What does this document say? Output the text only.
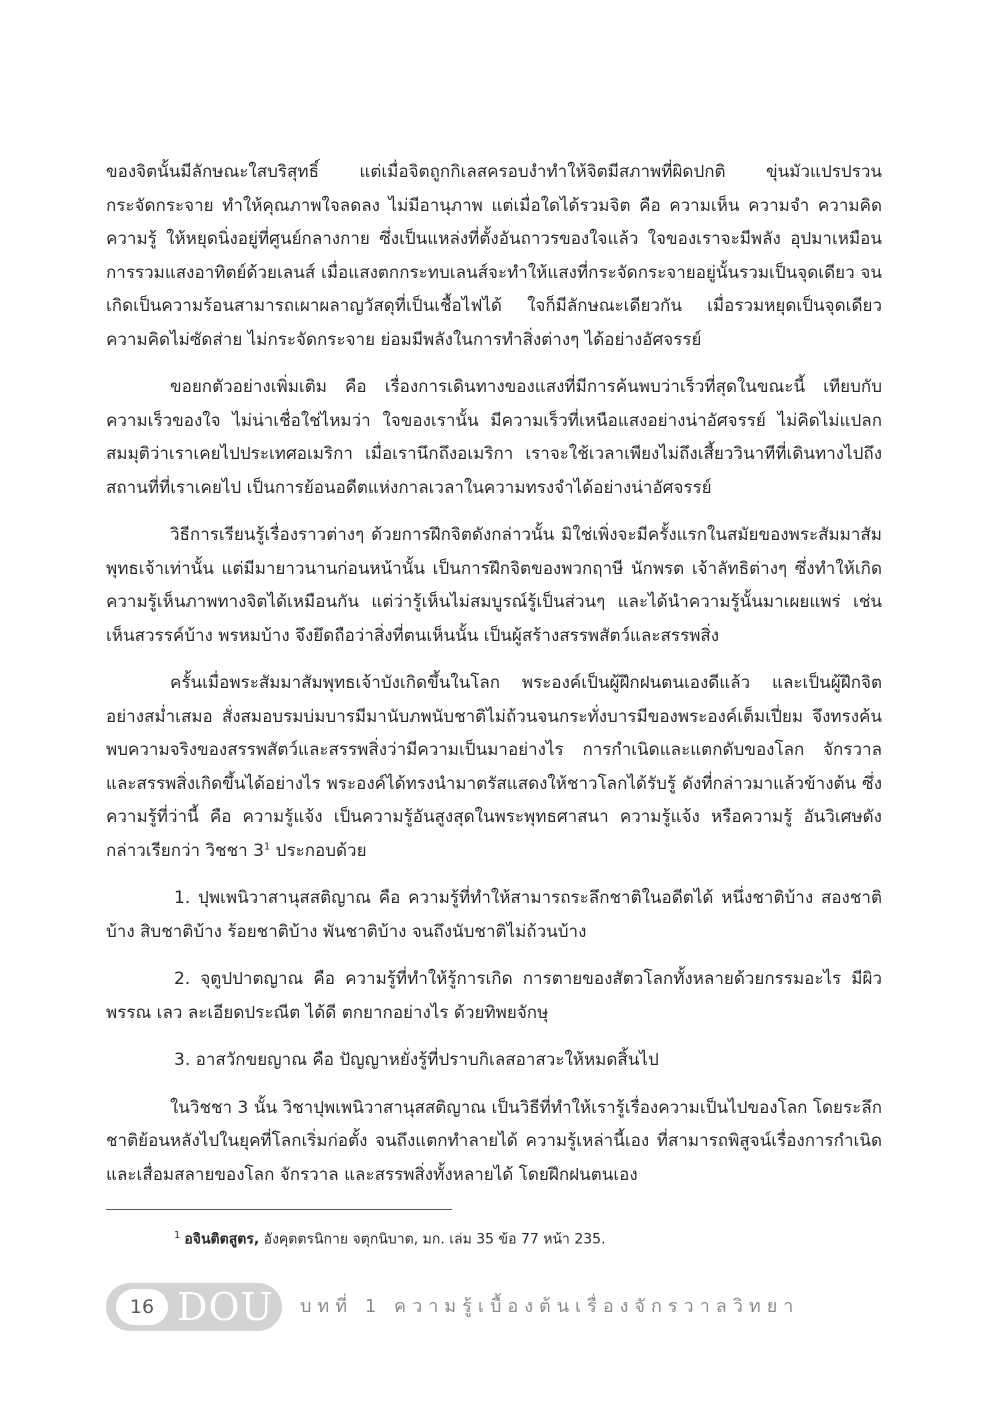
ของจิตนั้นมีลักษณะใสบริสุทธิ์ แต่เมื่อจิตถูกกิเลสครอบงำทำให้จิตมีสภาพที่ผิดปกติ ขุ่นมัวแปรปรวนกระจัดกระจาย ทำให้คุณภาพใจลดลง ไม่มีอานุภาพ แต่เมื่อใดได้รวมจิต คือ ความเห็น ความจำ ความคิด ความรู้ ให้หยุดนิ่งอยู่ที่ศูนย์กลางกาย ซึ่งเป็นแหล่งที่ตั้งอันถาวรของใจแล้ว ใจของเราจะมีพลัง อุปมาเหมือนการรวมแสงอาทิตย์ด้วยเลนส์ เมื่อแสงตกกระทบเลนส์จะทำให้แสงที่กระจัดกระจายอยู่นั้นรวมเป็นจุดเดียว จนเกิดเป็นความร้อนสามารถเผาผลาญวัสดุที่เป็นเชื้อไฟได้ ใจก็มีลักษณะเดียวกัน เมื่อรวมหยุดเป็นจุดเดียว ความคิดไม่ซัดส่าย ไม่กระจัดกระจาย ย่อมมีพลังในการทำสิ่งต่างๆ ได้อย่างอัศจรรย์

ขอยกตัวอย่างเพิ่มเติม คือ เรื่องการเดินทางของแสงที่มีการค้นพบว่าเร็วที่สุดในขณะนี้ เทียบกับความเร็วของใจ ไม่น่าเชื่อใช่ไหมว่า ใจของเรานั้น มีความเร็วที่เหนือแสงอย่างน่าอัศจรรย์ ไม่คิดไม่แปลก สมมุติว่าเราเคยไปประเทศอเมริกา เมื่อเรานึกถึงอเมริกา เราจะใช้เวลาเพียงไม่ถึงเสี้ยววินาทีที่เดินทางไปถึงสถานที่ที่เราเคยไป เป็นการย้อนอดีตแห่งกาลเวลาในความทรงจำได้อย่างน่าอัศจรรย์

วิธีการเรียนรู้เรื่องราวต่างๆ ด้วยการฝึกจิตดังกล่าวนั้น มิใช่เพิ่งจะมีครั้งแรกในสมัยของพระสัมมาสัมพุทธเจ้าเท่านั้น แต่มีมายาวนานก่อนหน้านั้น เป็นการฝึกจิตของพวกฤาษี นักพรต เจ้าลัทธิต่างๆ ซึ่งทำให้เกิดความรู้เห็นภาพทางจิตได้เหมือนกัน แต่ว่ารู้เห็นไม่สมบูรณ์รู้เป็นส่วนๆ และได้นำความรู้นั้นมาเผยแพร่ เช่น เห็นสวรรค์บ้าง พรหมบ้าง จึงยึดถือว่าสิ่งที่ตนเห็นนั้น เป็นผู้สร้างสรรพสัตว์และสรรพสิ่ง

ครั้นเมื่อพระสัมมาสัมพุทธเจ้าบังเกิดขึ้นในโลก พระองค์เป็นผู้ฝึกฝนตนเองดีแล้ว และเป็นผู้ฝึกจิตอย่างสม่ำเสมอ สั่งสมอบรมบ่มบารมีมานับภพนับชาติไม่ถ้วนจนกระทั่งบารมีของพระองค์เต็มเปี่ยม จึงทรงค้นพบความจริงของสรรพสัตว์และสรรพสิ่งว่ามีความเป็นมาอย่างไร การกำเนิดและแตกดับของโลก จักรวาลและสรรพสิ่งเกิดขึ้นได้อย่างไร พระองค์ได้ทรงนำมาตรัสแสดงให้ชาวโลกได้รับรู้ ดังที่กล่าวมาแล้วข้างต้น ซึ่งความรู้ที่ว่านี้ คือ ความรู้แจ้ง เป็นความรู้อันสูงสุดในพระพุทธศาสนา ความรู้แจ้ง หรือความรู้ อันวิเศษดังกล่าวเรียกว่า วิชชา 3$^1$ ประกอบด้วย

1. ปุพเพนิวาสานุสสติญาณ คือ ความรู้ที่ทำให้สามารถระลึกชาติในอดีตได้ หนึ่งชาติบ้าง สองชาติบ้าง สิบชาติบ้าง ร้อยชาติบ้าง พันชาติบ้าง จนถึงนับชาติไม่ถ้วนบ้าง

2. จุตูปปาตญาณ คือ ความรู้ที่ทำให้รู้การเกิด การตายของสัตวโลกทั้งหลายด้วยกรรมอะไร มีผิวพรรณ เลว ละเอียดประณีต ได้ดี ตกยากอย่างไร ด้วยทิพยจักษุ

3. อาสวักขยญาณ คือ ปัญญาหยั่งรู้ที่ปราบกิเลสอาสวะให้หมดสิ้นไป

ในวิชชา 3 นั้น วิชาปุพเพนิวาสานุสสติญาณ เป็นวิธีที่ทำให้เรารู้เรื่องความเป็นไปของโลก โดยระลึกชาติย้อนหลังไปในยุคที่โลกเริ่มก่อตั้ง จนถึงแตกทำลายได้ ความรู้เหล่านี้เอง ที่สามารถพิสูจน์เรื่องการกำเนิด และเสื่อมสลายของโลก จักรวาล และสรรพสิ่งทั้งหลายได้ โดยฝึกฝนตนเอง

$^1$ อจินติตสูตร, อังคุตตรนิกาย จตุกนิบาต, มก. เล่ม 35 ข้อ 77 หน้า 235.
16 DOU บทที่ 1 ความรู้เบื้องต้นเรื่องจักรวาลวิทยา
